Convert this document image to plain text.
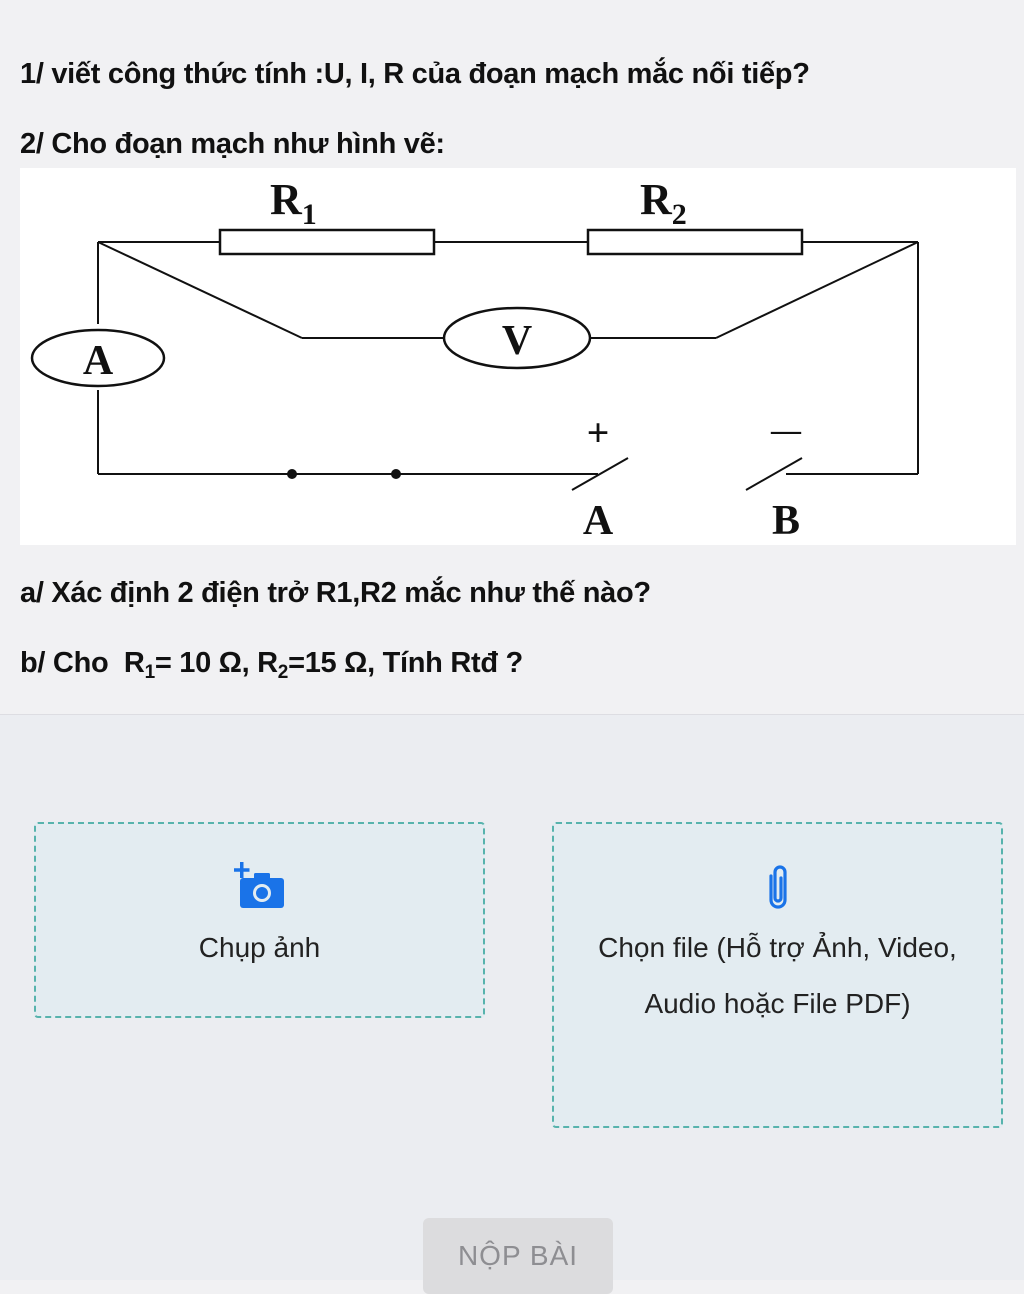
1/ viết công thức tính :U, I, R của đoạn mạch mắc nối tiếp?
2/ Cho đoạn mạch như hình vẽ:
$R_1$	$R_2$
A	V
+	—
A	B
a/ Xác định 2 điện trở R1,R2 mắc như thế nào?
b/ Cho $R_1= 10$ Ω, $R_2=15$ Ω, Tính Rtđ ?
Chụp ảnh	Chọn file (Hỗ trợ Ảnh, Video, Audio hoặc File PDF)
NỘP BÀI
